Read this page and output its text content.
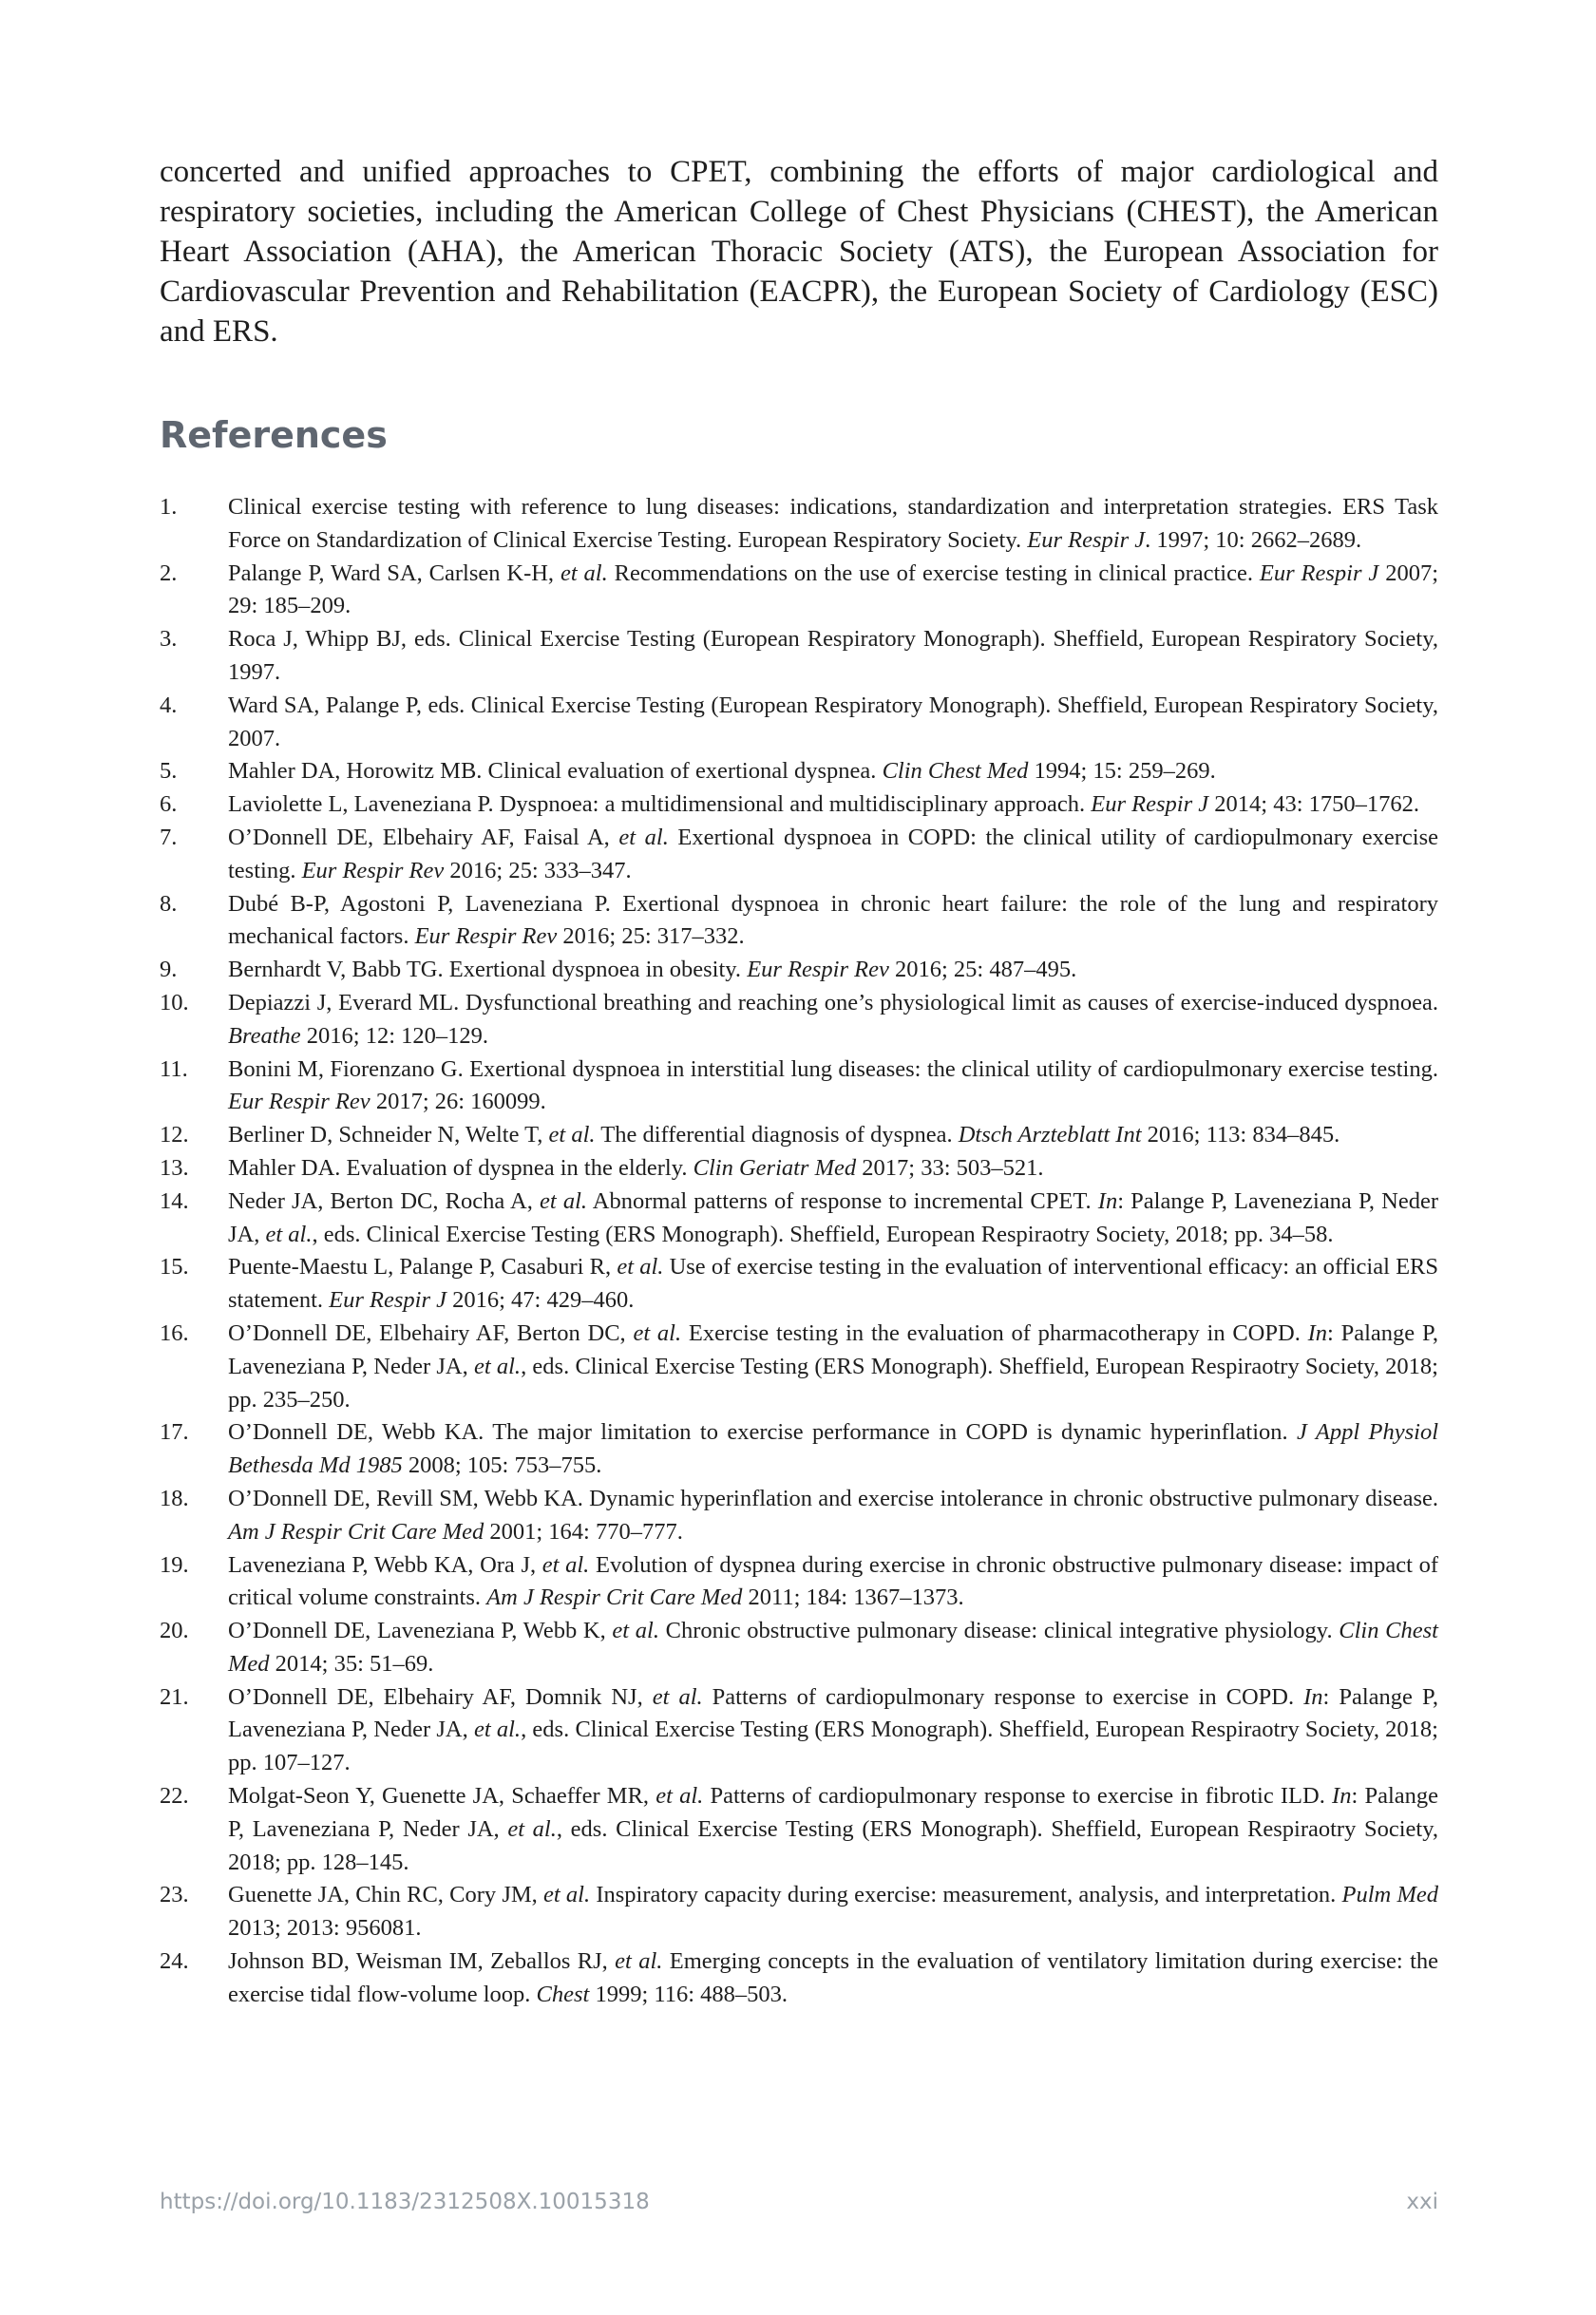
concerted and unified approaches to CPET, combining the efforts of major cardiological and respiratory societies, including the American College of Chest Physicians (CHEST), the American Heart Association (AHA), the American Thoracic Society (ATS), the European Association for Cardiovascular Prevention and Rehabilitation (EACPR), the European Society of Cardiology (ESC) and ERS.

References
1.	Clinical exercise testing with reference to lung diseases: indications, standardization and interpretation strategies. ERS Task Force on Standardization of Clinical Exercise Testing. European Respiratory Society. Eur Respir J. 1997; 10: 2662–2689.
2.	Palange P, Ward SA, Carlsen K-H, et al. Recommendations on the use of exercise testing in clinical practice. Eur Respir J 2007; 29: 185–209.
3.	Roca J, Whipp BJ, eds. Clinical Exercise Testing (European Respiratory Monograph). Sheffield, European Respiratory Society, 1997.
4.	Ward SA, Palange P, eds. Clinical Exercise Testing (European Respiratory Monograph). Sheffield, European Respiratory Society, 2007.
5.	Mahler DA, Horowitz MB. Clinical evaluation of exertional dyspnea. Clin Chest Med 1994; 15: 259–269.
6.	Laviolette L, Laveneziana P. Dyspnoea: a multidimensional and multidisciplinary approach. Eur Respir J 2014; 43: 1750–1762.
7.	O’Donnell DE, Elbehairy AF, Faisal A, et al. Exertional dyspnoea in COPD: the clinical utility of cardiopulmonary exercise testing. Eur Respir Rev 2016; 25: 333–347.
8.	Dubé B-P, Agostoni P, Laveneziana P. Exertional dyspnoea in chronic heart failure: the role of the lung and respiratory mechanical factors. Eur Respir Rev 2016; 25: 317–332.
9.	Bernhardt V, Babb TG. Exertional dyspnoea in obesity. Eur Respir Rev 2016; 25: 487–495.
10.	Depiazzi J, Everard ML. Dysfunctional breathing and reaching one’s physiological limit as causes of exercise-induced dyspnoea. Breathe 2016; 12: 120–129.
11.	Bonini M, Fiorenzano G. Exertional dyspnoea in interstitial lung diseases: the clinical utility of cardiopulmonary exercise testing. Eur Respir Rev 2017; 26: 160099.
12.	Berliner D, Schneider N, Welte T, et al. The differential diagnosis of dyspnea. Dtsch Arzteblatt Int 2016; 113: 834–845.
13.	Mahler DA. Evaluation of dyspnea in the elderly. Clin Geriatr Med 2017; 33: 503–521.
14.	Neder JA, Berton DC, Rocha A, et al. Abnormal patterns of response to incremental CPET. In: Palange P, Laveneziana P, Neder JA, et al., eds. Clinical Exercise Testing (ERS Monograph). Sheffield, European Respiraotry Society, 2018; pp. 34–58.
15.	Puente-Maestu L, Palange P, Casaburi R, et al. Use of exercise testing in the evaluation of interventional efficacy: an official ERS statement. Eur Respir J 2016; 47: 429–460.
16.	O’Donnell DE, Elbehairy AF, Berton DC, et al. Exercise testing in the evaluation of pharmacotherapy in COPD. In: Palange P, Laveneziana P, Neder JA, et al., eds. Clinical Exercise Testing (ERS Monograph). Sheffield, European Respiraotry Society, 2018; pp. 235–250.
17.	O’Donnell DE, Webb KA. The major limitation to exercise performance in COPD is dynamic hyperinflation. J Appl Physiol Bethesda Md 1985 2008; 105: 753–755.
18.	O’Donnell DE, Revill SM, Webb KA. Dynamic hyperinflation and exercise intolerance in chronic obstructive pulmonary disease. Am J Respir Crit Care Med 2001; 164: 770–777.
19.	Laveneziana P, Webb KA, Ora J, et al. Evolution of dyspnea during exercise in chronic obstructive pulmonary disease: impact of critical volume constraints. Am J Respir Crit Care Med 2011; 184: 1367–1373.
20.	O’Donnell DE, Laveneziana P, Webb K, et al. Chronic obstructive pulmonary disease: clinical integrative physiology. Clin Chest Med 2014; 35: 51–69.
21.	O’Donnell DE, Elbehairy AF, Domnik NJ, et al. Patterns of cardiopulmonary response to exercise in COPD. In: Palange P, Laveneziana P, Neder JA, et al., eds. Clinical Exercise Testing (ERS Monograph). Sheffield, European Respiraotry Society, 2018; pp. 107–127.
22.	Molgat-Seon Y, Guenette JA, Schaeffer MR, et al. Patterns of cardiopulmonary response to exercise in fibrotic ILD. In: Palange P, Laveneziana P, Neder JA, et al., eds. Clinical Exercise Testing (ERS Monograph). Sheffield, European Respiraotry Society, 2018; pp. 128–145.
23.	Guenette JA, Chin RC, Cory JM, et al. Inspiratory capacity during exercise: measurement, analysis, and interpretation. Pulm Med 2013; 2013: 956081.
24.	Johnson BD, Weisman IM, Zeballos RJ, et al. Emerging concepts in the evaluation of ventilatory limitation during exercise: the exercise tidal flow-volume loop. Chest 1999; 116: 488–503.
https://doi.org/10.1183/2312508X.10015318	xxi
